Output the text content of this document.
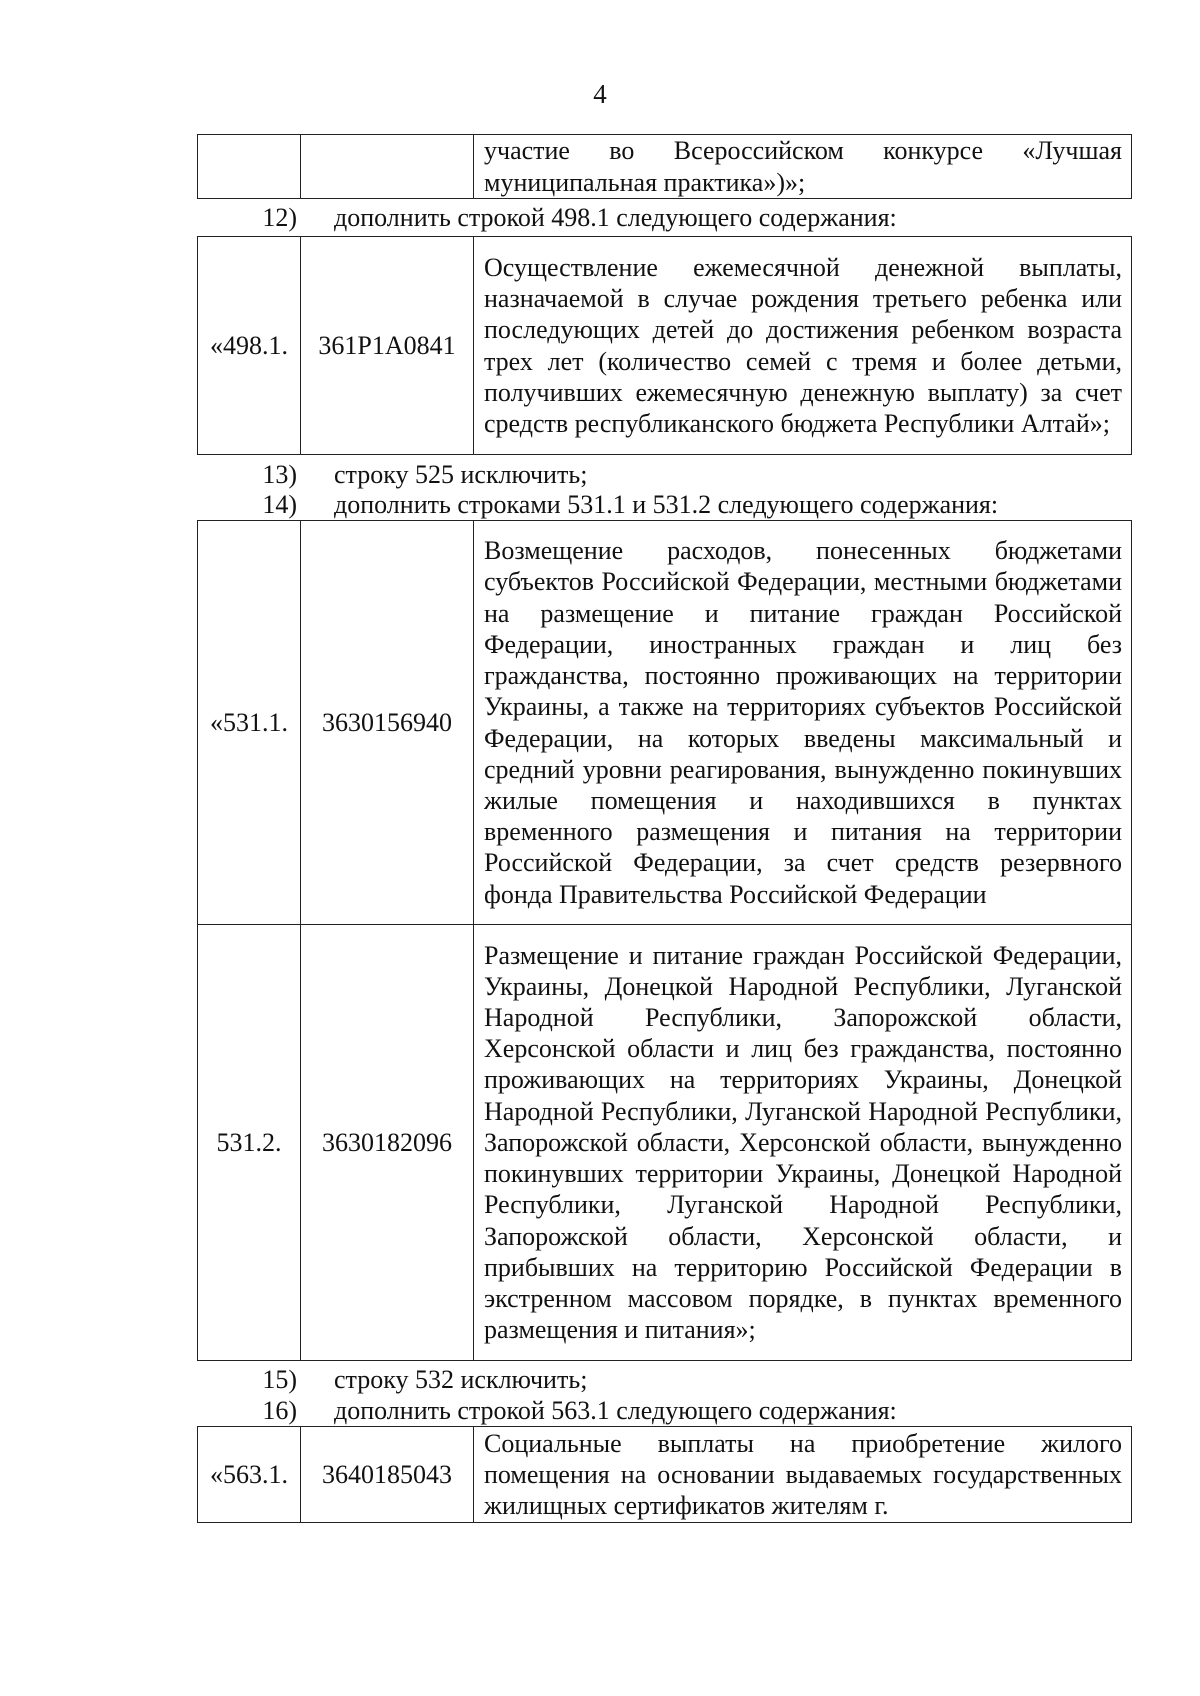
4
		участие во Всероссийском конкурсе «Лучшая муниципальная практика»)»;
12) дополнить строкой 498.1 следующего содержания:
«498.1.	361P1A0841	Осуществление ежемесячной денежной выплаты, назначаемой в случае рождения третьего ребенка или последующих детей до достижения ребенком возраста трех лет (количество семей с тремя и более детьми, получивших ежемесячную денежную выплату) за счет средств республиканского бюджета Республики Алтай»;
13) строку 525 исключить;
14) дополнить строками 531.1 и 531.2 следующего содержания:
«531.1.	3630156940	Возмещение расходов, понесенных бюджетами субъектов Российской Федерации, местными бюджетами на размещение и питание граждан Российской Федерации, иностранных граждан и лиц без гражданства, постоянно проживающих на территории Украины, а также на территориях субъектов Российской Федерации, на которых введены максимальный и средний уровни реагирования, вынужденно покинувших жилые помещения и находившихся в пунктах временного размещения и питания на территории Российской Федерации, за счет средств резервного фонда Правительства Российской Федерации
531.2.	3630182096	Размещение и питание граждан Российской Федерации, Украины, Донецкой Народной Республики, Луганской Народной Республики, Запорожской области, Херсонской области и лиц без гражданства, постоянно проживающих на территориях Украины, Донецкой Народной Республики, Луганской Народной Республики, Запорожской области, Херсонской области, вынужденно покинувших территории Украины, Донецкой Народной Республики, Луганской Народной Республики, Запорожской области, Херсонской области, и прибывших на территорию Российской Федерации в экстренном массовом порядке, в пунктах временного размещения и питания»;
15) строку 532 исключить;
16) дополнить строкой 563.1 следующего содержания:
«563.1.	3640185043	Социальные выплаты на приобретение жилого помещения на основании выдаваемых государственных жилищных сертификатов жителям г.
